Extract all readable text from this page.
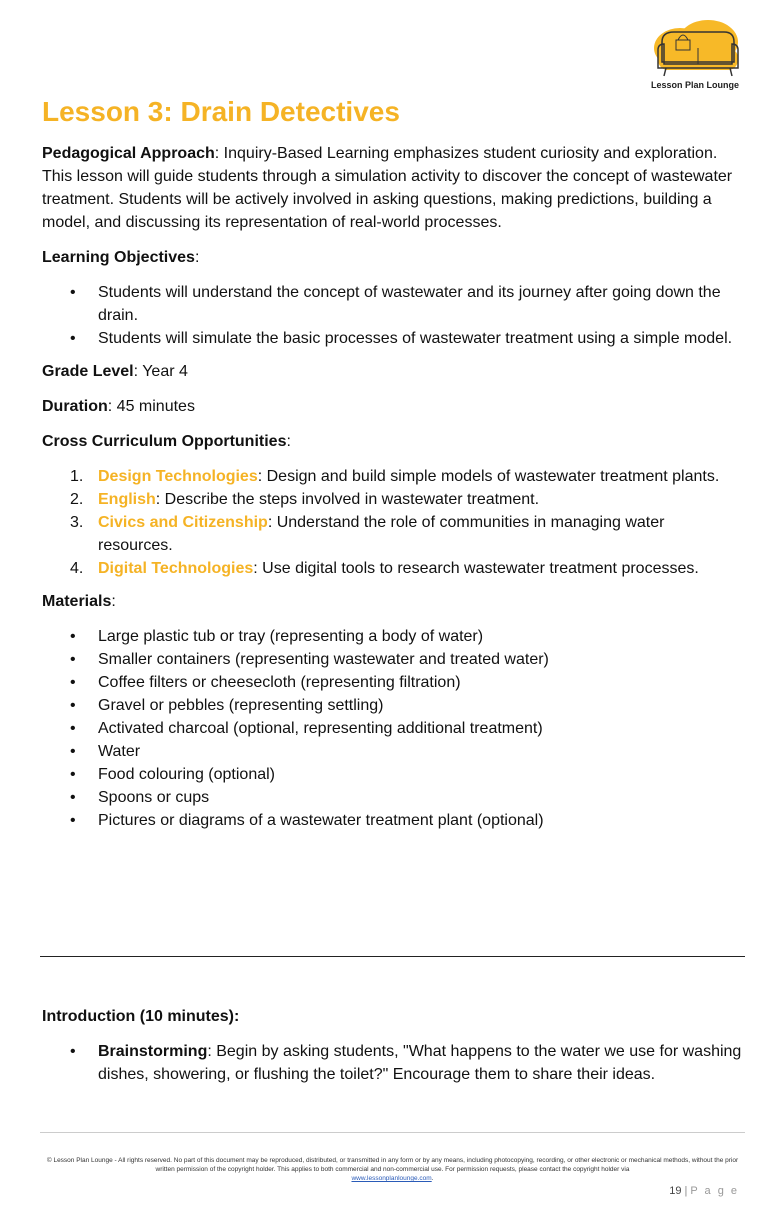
Lesson Plan Lounge
Lesson 3: Drain Detectives

Pedagogical Approach: Inquiry-Based Learning emphasizes student curiosity and exploration. This lesson will guide students through a simulation activity to discover the concept of wastewater treatment. Students will be actively involved in asking questions, making predictions, building a model, and discussing its representation of real-world processes.

Learning Objectives:

• Students will understand the concept of wastewater and its journey after going down the drain.
• Students will simulate the basic processes of wastewater treatment using a simple model.

Grade Level: Year 4

Duration: 45 minutes

Cross Curriculum Opportunities:

1. Design Technologies: Design and build simple models of wastewater treatment plants.
2. English: Describe the steps involved in wastewater treatment.
3. Civics and Citizenship: Understand the role of communities in managing water resources.
4. Digital Technologies: Use digital tools to research wastewater treatment processes.

Materials:

• Large plastic tub or tray (representing a body of water)
• Smaller containers (representing wastewater and treated water)
• Coffee filters or cheesecloth (representing filtration)
• Gravel or pebbles (representing settling)
• Activated charcoal (optional, representing additional treatment)
• Water
• Food colouring (optional)
• Spoons or cups
• Pictures or diagrams of a wastewater treatment plant (optional)

Introduction (10 minutes):

• Brainstorming: Begin by asking students, "What happens to the water we use for washing dishes, showering, or flushing the toilet?" Encourage them to share their ideas.
© Lesson Plan Lounge - All rights reserved. No part of this document may be reproduced, distributed, or transmitted in any form or by any means, including photocopying, recording, or other electronic or mechanical methods, without the prior written permission of the copyright holder. This applies to both commercial and non-commercial use. For permission requests, please contact the copyright holder via
www.lessonplanlounge.com.
19 | P a g e
